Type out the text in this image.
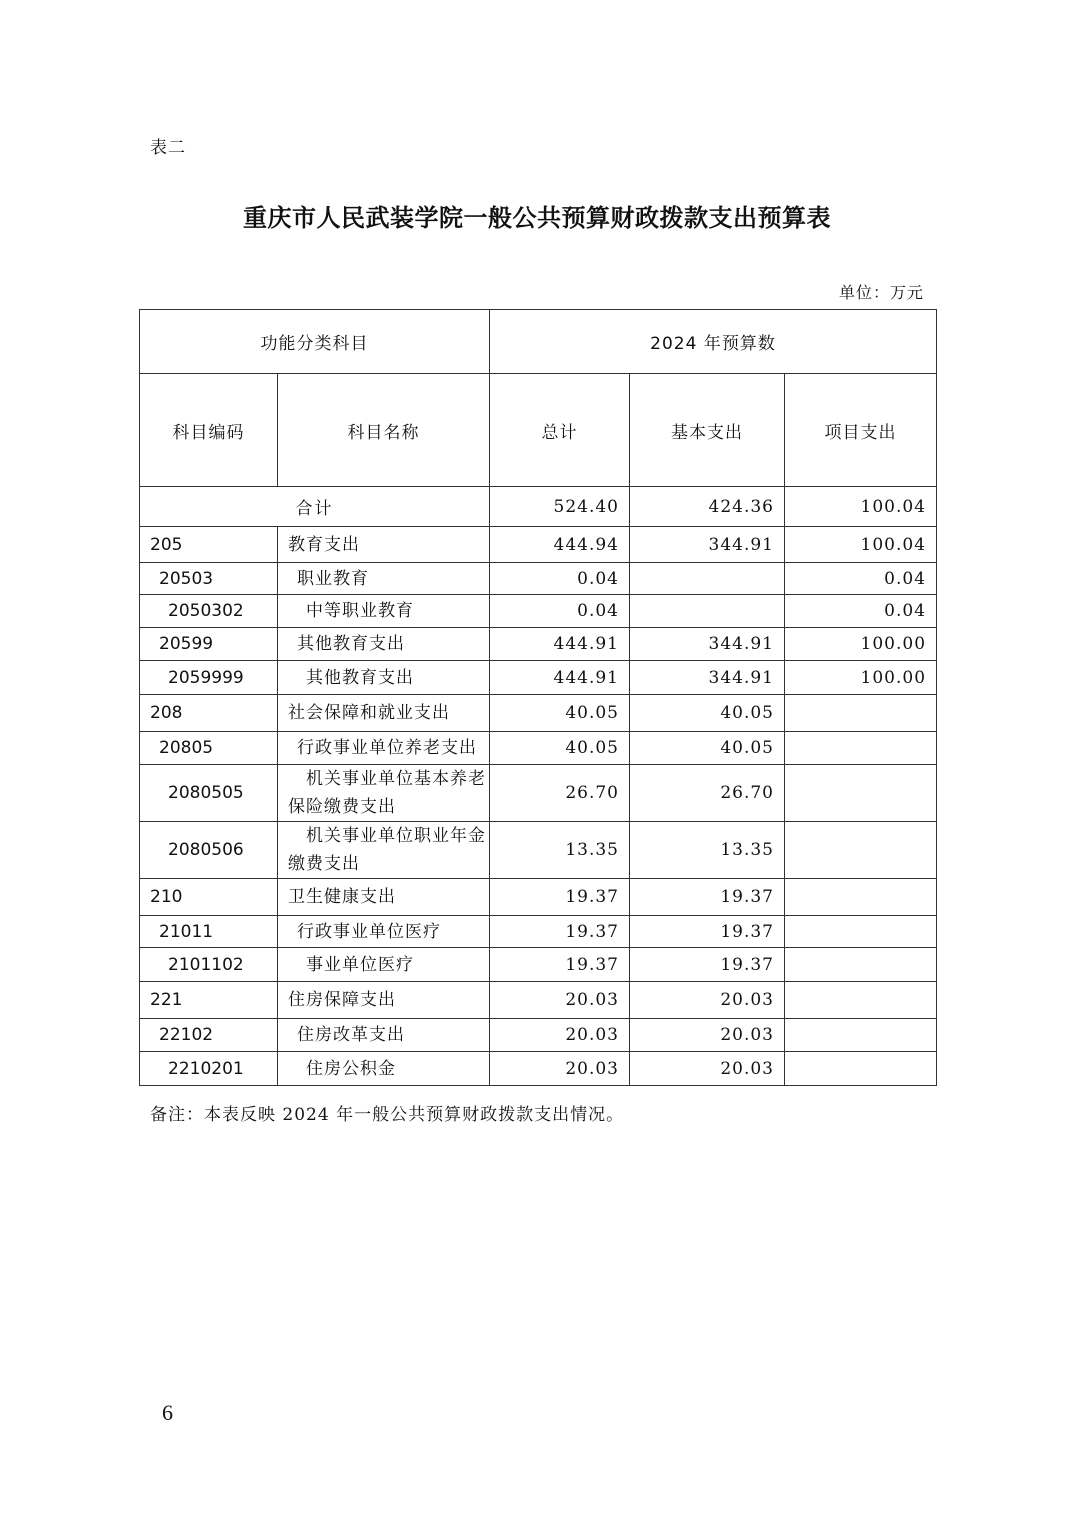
表二
重庆市人民武装学院一般公共预算财政拨款支出预算表
单位：万元
功能分类科目		2024 年预算数		
科目编码	科目名称	总计	基本支出	项目支出
合计		524.40	424.36	100.04
205	教育支出	444.94	344.91	100.04
20503	职业教育	0.04		0.04
2050302	中等职业教育	0.04		0.04
20599	其他教育支出	444.91	344.91	100.00
2059999	其他教育支出	444.91	344.91	100.00
208	社会保障和就业支出	40.05	40.05	
20805	行政事业单位养老支出	40.05	40.05	
2080505	机关事业单位基本养老保险缴费支出	26.70	26.70	
2080506	机关事业单位职业年金缴费支出	13.35	13.35	
210	卫生健康支出	19.37	19.37	
21011	行政事业单位医疗	19.37	19.37	
2101102	事业单位医疗	19.37	19.37	
221	住房保障支出	20.03	20.03	
22102	住房改革支出	20.03	20.03	
2210201	住房公积金	20.03	20.03	
备注：本表反映 2024 年一般公共预算财政拨款支出情况。
6
